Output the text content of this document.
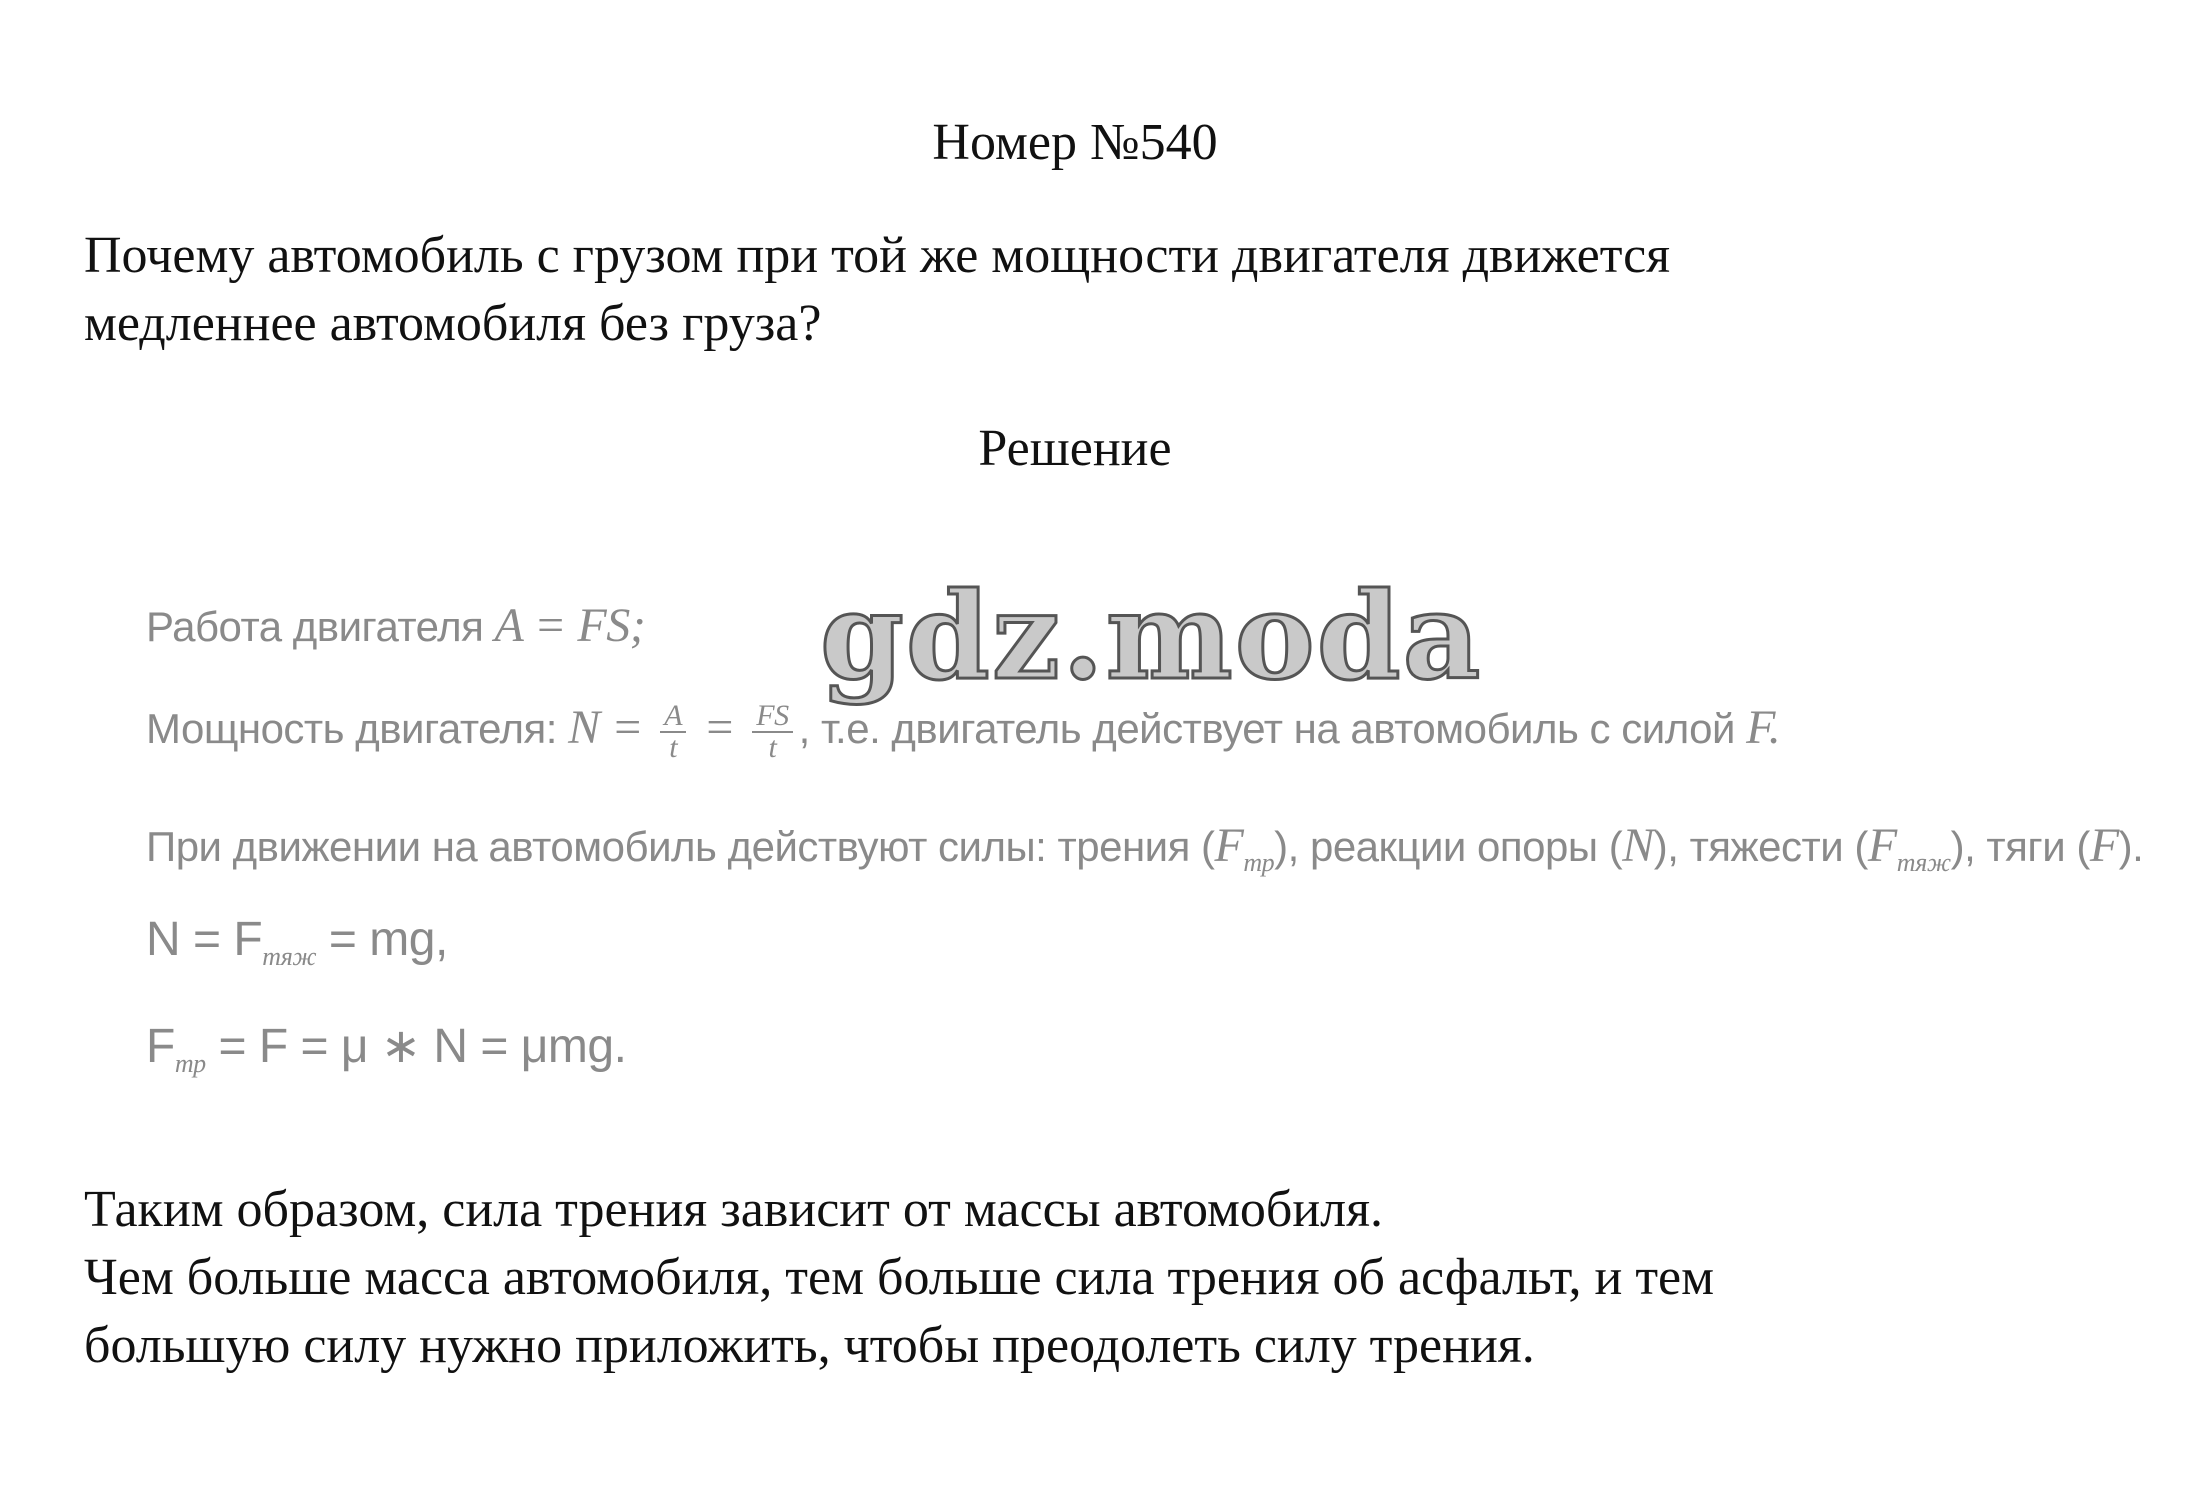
Номер №540
Почему автомобиль с грузом при той же мощности двигателя движется
медленнее автомобиля без груза?
Решение
Работа двигателя A = FS;
Мощность двигателя: $N = \frac{A}{t} = \frac{FS}{t}$ , т.е. двигатель действует на автомобиль с силой F.
При движении на автомобиль действуют силы: трения $(F_{тр})$, реакции опоры (N), тяжести $(F_{тяж})$, тяги (F).
$N = F_{тяж}$ = mg,
$F_{тр} = F = \mu$ ∗ N = μmg.
gdz.moda
Таким образом, сила трения зависит от массы автомобиля.
Чем больше масса автомобиля, тем больше сила трения об асфальт, и тем
большую силу нужно приложить, чтобы преодолеть силу трения.
